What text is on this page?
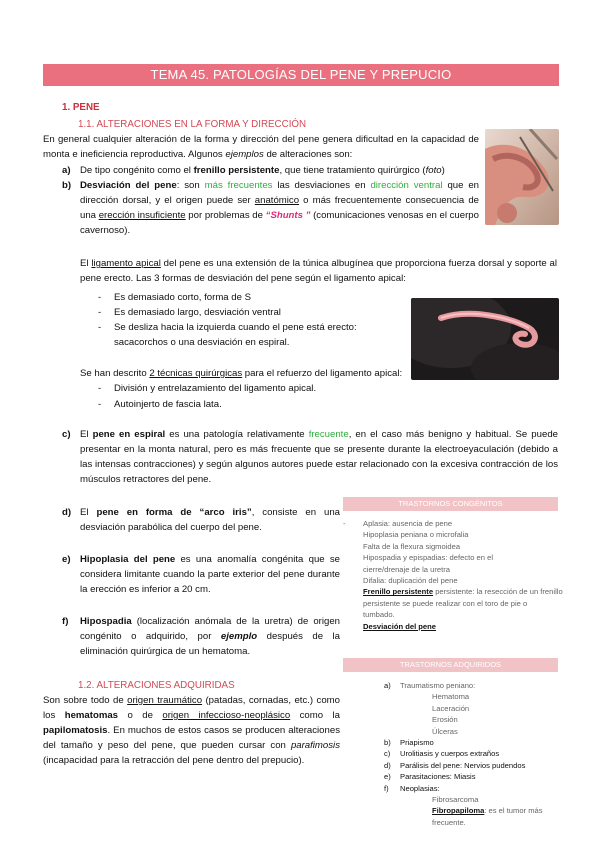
TEMA 45. PATOLOGÍAS DEL PENE Y PREPUCIO
1. PENE
1.1. ALTERACIONES EN LA FORMA Y DIRECCIÓN
En general cualquier alteración de la forma y dirección del pene genera dificultad en la capacidad de monta e ineficiencia reproductiva. Algunos ejemplos de alteraciones son:
a) De tipo congénito como el frenillo persistente, que tiene tratamiento quirúrgico (foto)
b) Desviación del pene: son más frecuentes las desviaciones en dirección ventral que en dirección dorsal, y el origen puede ser anatómico o más frecuentemente consecuencia de una erección insuficiente por problemas de “Shunts ” (comunicaciones venosas en el cuerpo cavernoso).
El ligamento apical del pene es una extensión de la túnica albugínea que proporciona fuerza dorsal y soporte al pene erecto. Las 3 formas de desviación del pene según el ligamento apical:
-	Es demasiado corto, forma de S
-	Es demasiado largo, desviación ventral
-	Se desliza hacia la izquierda cuando el pene está erecto: sacacorchos o una desviación en espiral.
Se han descrito 2 técnicas quirúrgicas para el refuerzo del ligamento apical:
-	División y entrelazamiento del ligamento apical.
-	Autoinjerto de fascia lata.
c) El pene en espiral es una patología relativamente frecuente, en el caso más benigno y habitual. Se puede presentar en la monta natural, pero es más frecuente que se presente durante la electroeyaculación (debido a las intensas contracciones) y según algunos autores puede estar relacionado con la excesiva contracción de los músculos retractores del pene.
d) El pene en forma de “arco iris”, consiste en una desviación parabólica del cuerpo del pene.
e) Hipoplasia del pene es una anomalía congénita que se considera limitante cuando la parte exterior del pene durante la erección es inferior a 20 cm.
f)	Hipospadia (localización anómala de la uretra) de origen congénito o adquirido, por ejemplo después de la eliminación quirúrgica de un hematoma.
1.2. ALTERACIONES ADQUIRIDAS
Son sobre todo de origen traumático (patadas, cornadas, etc.) como los hematomas o de origen infeccioso-neoplásico como la papilomatosis. En muchos de estos casos se producen alteraciones del tamaño y peso del pene, que pueden cursar con parafimosis (incapacidad para la retracción del pene dentro del prepucio).
TRASTORNOS CONGÉNITOS
- Aplasia: ausencia de pene
Hipoplasia peniana o microfalia
Falta de la flexura sigmoidea
Hipospadia y epispadias: defecto en el
cierre/drenaje de la uretra
Difalia: duplicación del pene
Frenillo persistente persistente: la resección de un frenillo
persistente se puede realizar con el toro de pie o
tumbado.
Desviación del pene
TRASTORNOS ADQUIRIDOS
a) Traumatismo peniano:
Hematoma
Laceración
Erosión
Úlceras
b) Priapismo
c) Urolitiasis y cuerpos extraños
d) Parálisis del pene: Nervios pudendos
e) Parasitaciones: Miasis
f) Neoplasias:
Fibrosarcoma
Fibropapiloma: es el tumor más
frecuente.
